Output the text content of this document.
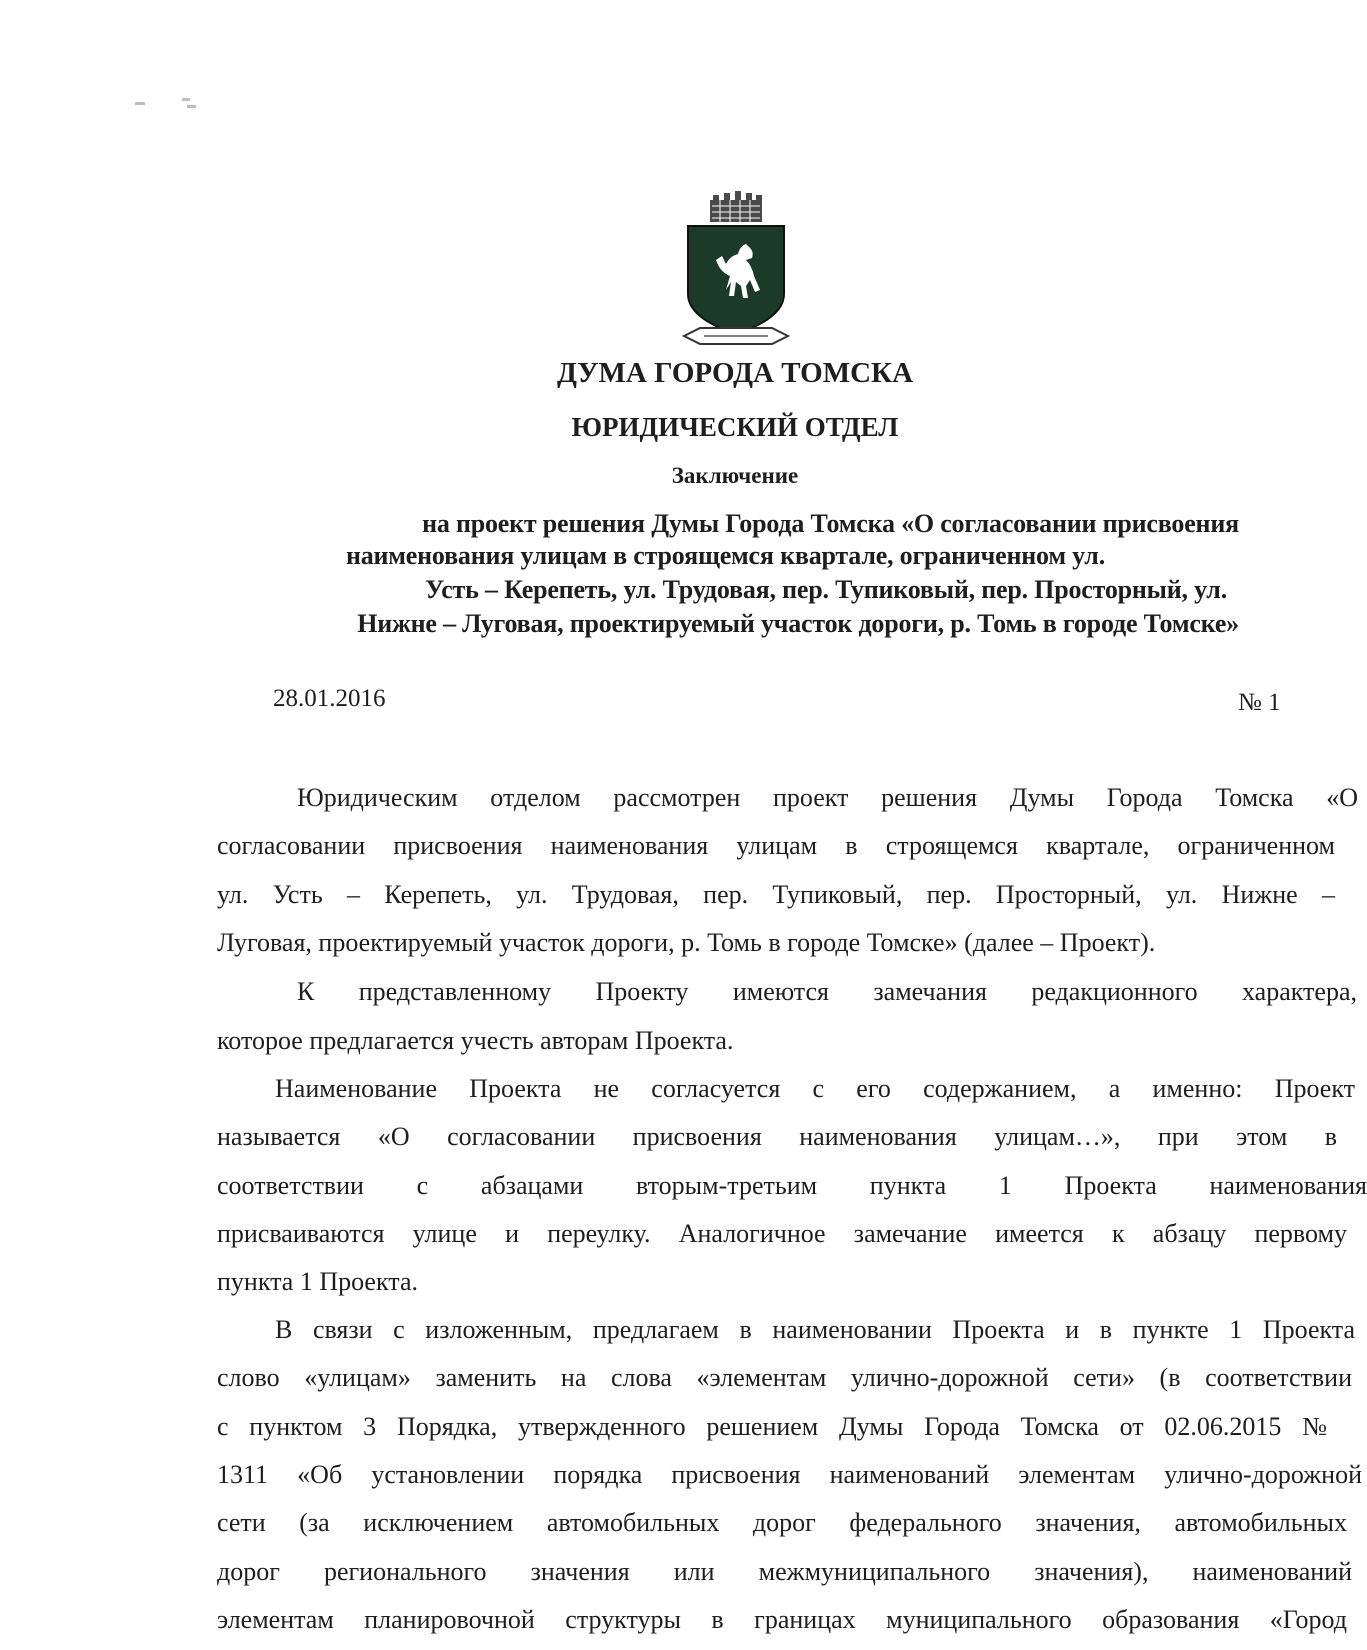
ДУМА ГОРОДА ТОМСКА
ЮРИДИЧЕСКИЙ ОТДЕЛ
Заключение
на проект решения Думы Города Томска «О согласовании присвоения
наименования улицам в строящемся квартале, ограниченном ул.
Усть – Керепеть, ул. Трудовая, пер. Тупиковый, пер. Просторный, ул.
Нижне – Луговая, проектируемый участок дороги, р. Томь в городе Томске»
28.01.2016	№ 1
Юридическим отделом рассмотрен проект решения Думы Города Томска «О
согласовании присвоения наименования улицам в строящемся квартале, ограниченном
ул. Усть – Керепеть, ул. Трудовая, пер. Тупиковый, пер. Просторный, ул. Нижне –
Луговая, проектируемый участок дороги, р. Томь в городе Томске» (далее – Проект).
К представленному Проекту имеются замечания редакционного характера,
которое предлагается учесть авторам Проекта.
Наименование Проекта не согласуется с его содержанием, а именно: Проект
называется «О согласовании присвоения наименования улицам…», при этом в
соответствии с абзацами вторым-третьим пункта 1 Проекта наименования
присваиваются улице и переулку. Аналогичное замечание имеется к абзацу первому
пункта 1 Проекта.
В связи с изложенным, предлагаем в наименовании Проекта и в пункте 1 Проекта
слово «улицам» заменить на слова «элементам улично-дорожной сети» (в соответствии
с пунктом 3 Порядка, утвержденного решением Думы Города Томска от 02.06.2015 №
1311 «Об установлении порядка присвоения наименований элементам улично-дорожной
сети (за исключением автомобильных дорог федерального значения, автомобильных
дорог регионального значения или межмуниципального значения), наименований
элементам планировочной структуры в границах муниципального образования «Город
